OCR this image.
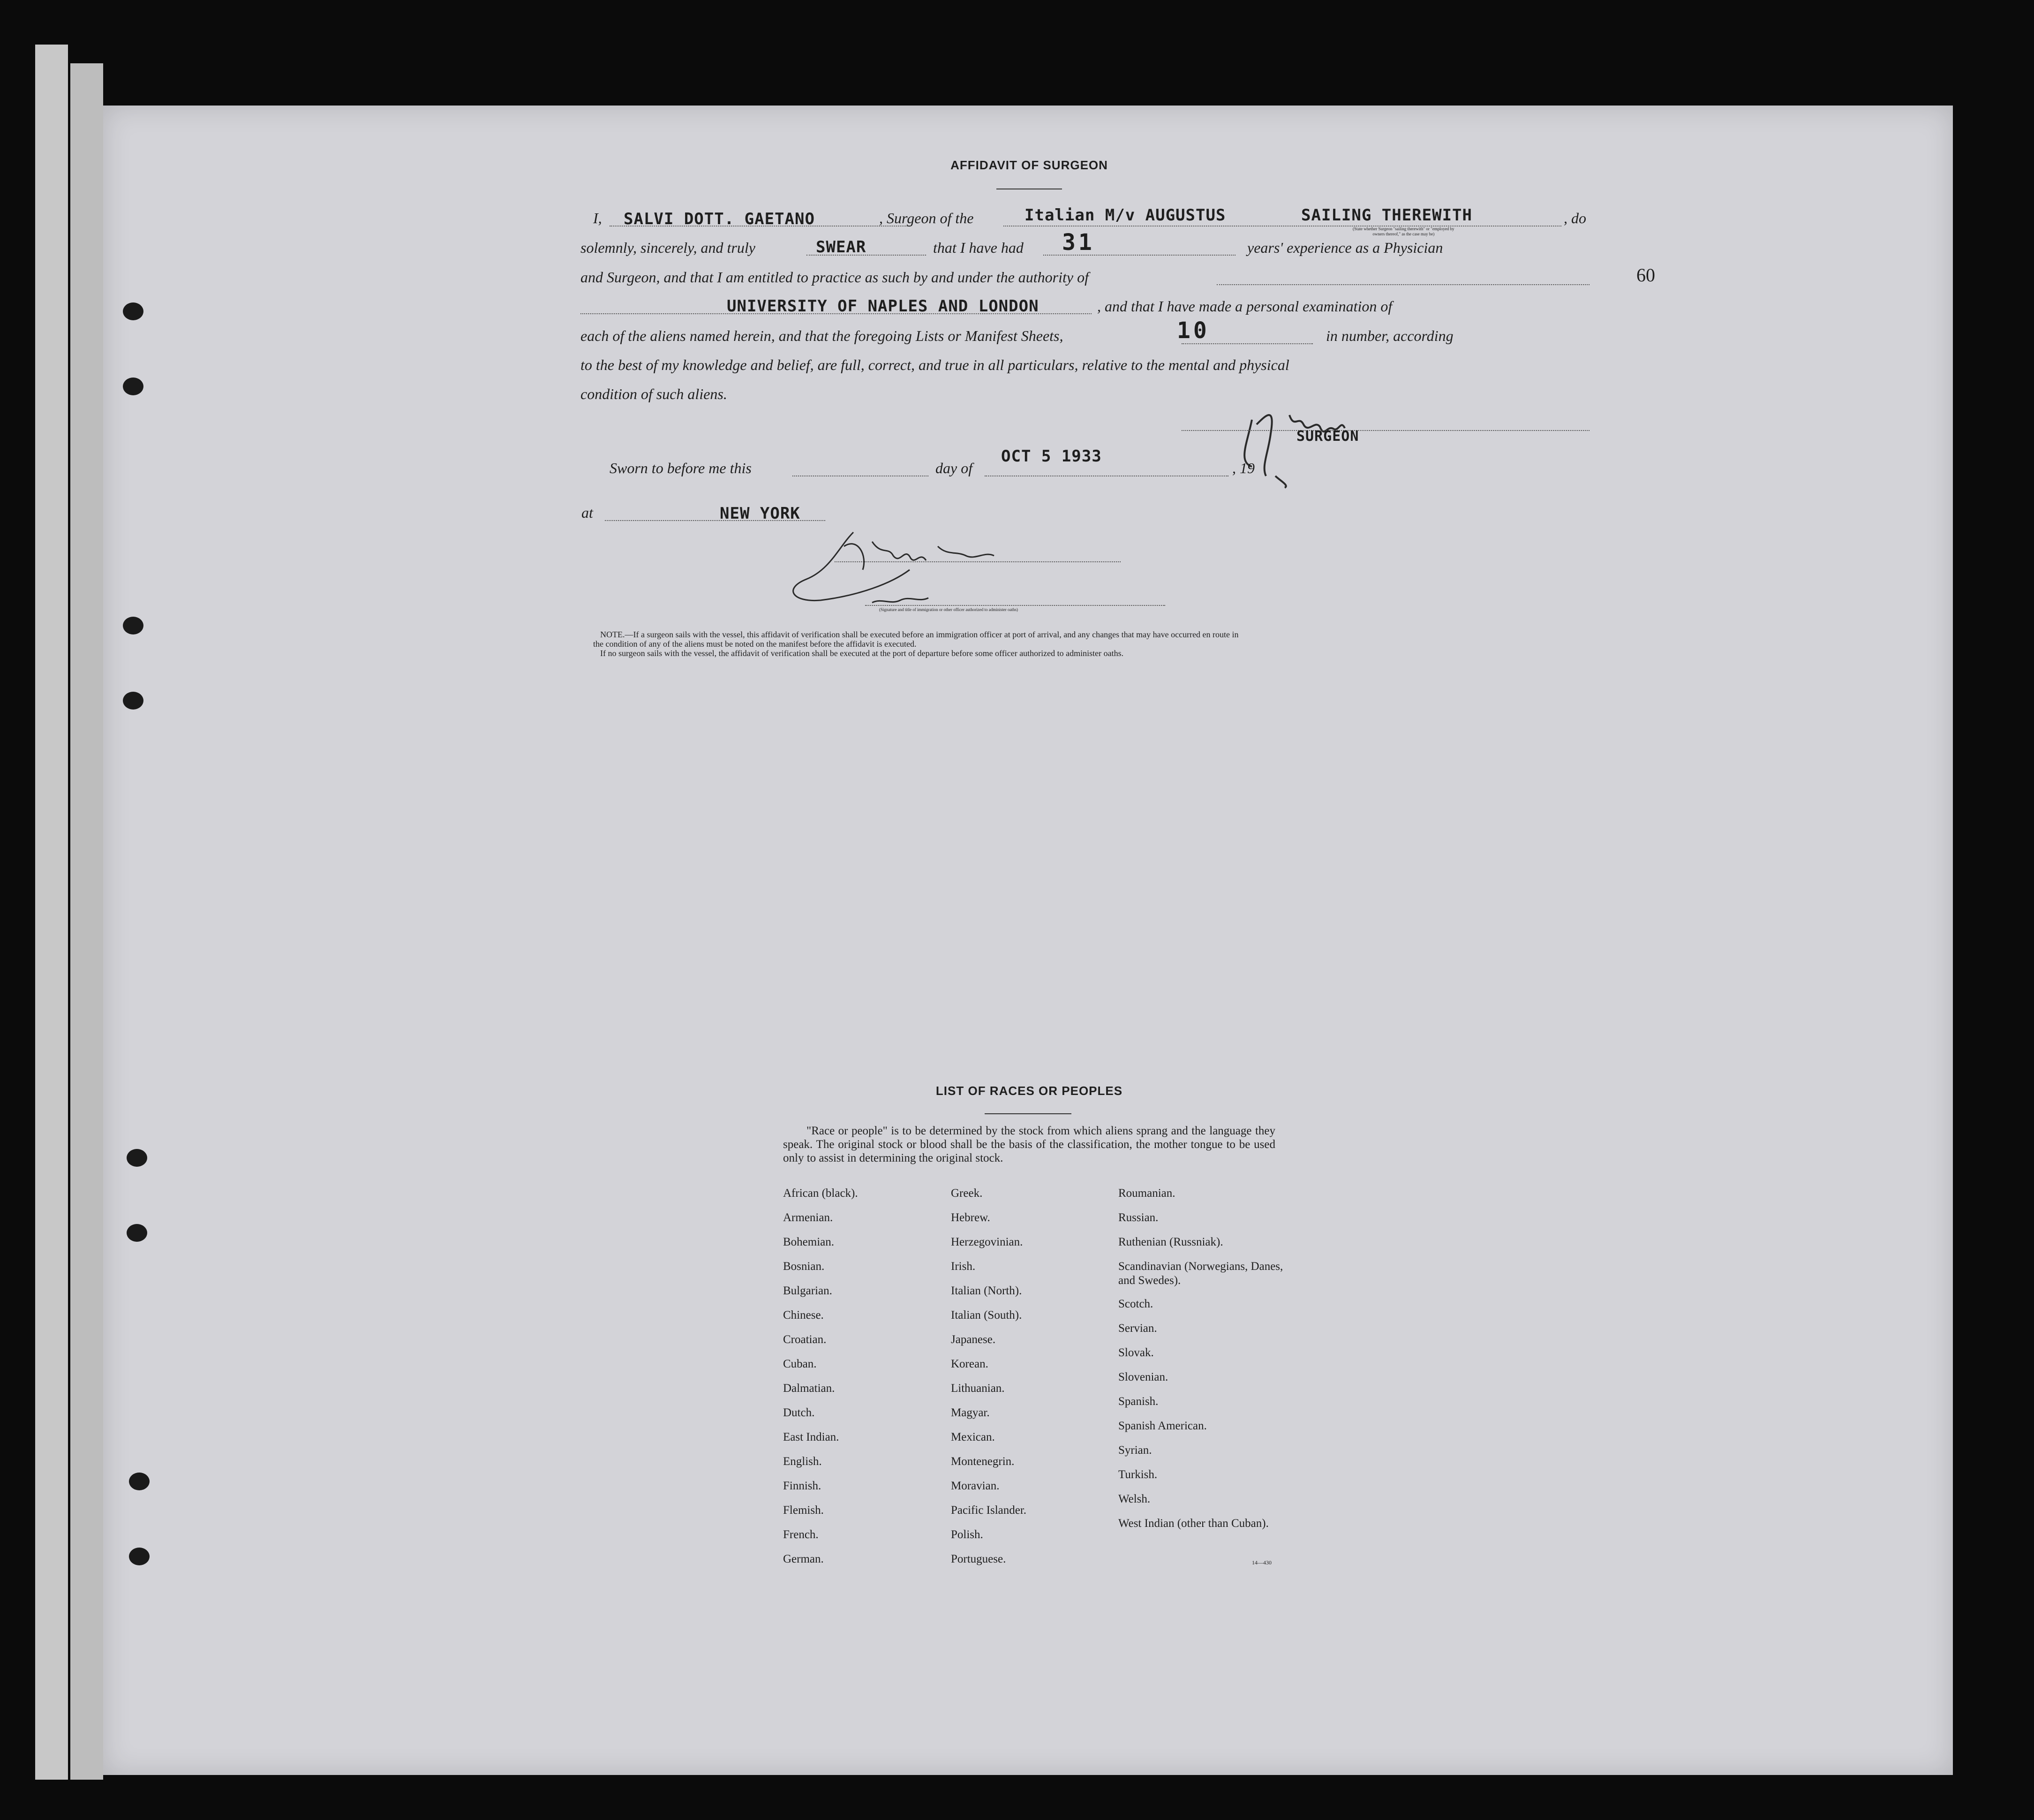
AFFIDAVIT OF SURGEON
60
I, SALVI DOTT. GAETANO	, Surgeon of the	Italian M/v AUGUSTUS	SAILING THEREWITH	, do
(State whether Surgeon "sailing therewith" or "employed by
owners thereof," as the case may be)
solemnly, sincerely, and truly	SWEAR	that I have had 31	years' experience as a Physician
and Surgeon, and that I am entitled to practice as such by and under the authority of
UNIVERSITY OF NAPLES AND LONDON	, and that I have made a personal examination of
each of the aliens named herein, and that the foregoing Lists or Manifest Sheets,	10	in number, according
to the best of my knowledge and belief, are full, correct, and true in all particulars, relative to the mental and physical
condition of such aliens.
SURGEON
Sworn to before me this	day of
OCT 5 1933
, 19
at	NEW YORK
(Signature and title of immigration or other officer authorized to administer oaths)
NOTE.—If a surgeon sails with the vessel, this affidavit of verification shall be executed before an immigration officer at port of arrival, and any changes that may have occurred en route in
the condition of any of the aliens must be noted on the manifest before the affidavit is executed.
If no surgeon sails with the vessel, the affidavit of verification shall be executed at the port of departure before some officer authorized to administer oaths.
LIST OF RACES OR PEOPLES
"Race or people" is to be determined by the stock from which aliens sprang and the language they speak. The original stock or blood shall be the basis of the classification, the mother tongue to be used only to assist in determining the original stock.
African (black).
Armenian.
Bohemian.
Bosnian.
Bulgarian.
Chinese.
Croatian.
Cuban.
Dalmatian.
Dutch.
East Indian.
English.
Finnish.
Flemish.
French.
German.
Greek.
Hebrew.
Herzegovinian.
Irish.
Italian (North).
Italian (South).
Japanese.
Korean.
Lithuanian.
Magyar.
Mexican.
Montenegrin.
Moravian.
Pacific Islander.
Polish.
Portuguese.
Roumanian.
Russian.
Ruthenian (Russniak).
Scandinavian (Norwegians, Danes, and Swedes).
Scotch.
Servian.
Slovak.
Slovenian.
Spanish.
Spanish American.
Syrian.
Turkish.
Welsh.
West Indian (other than Cuban).
14—430
